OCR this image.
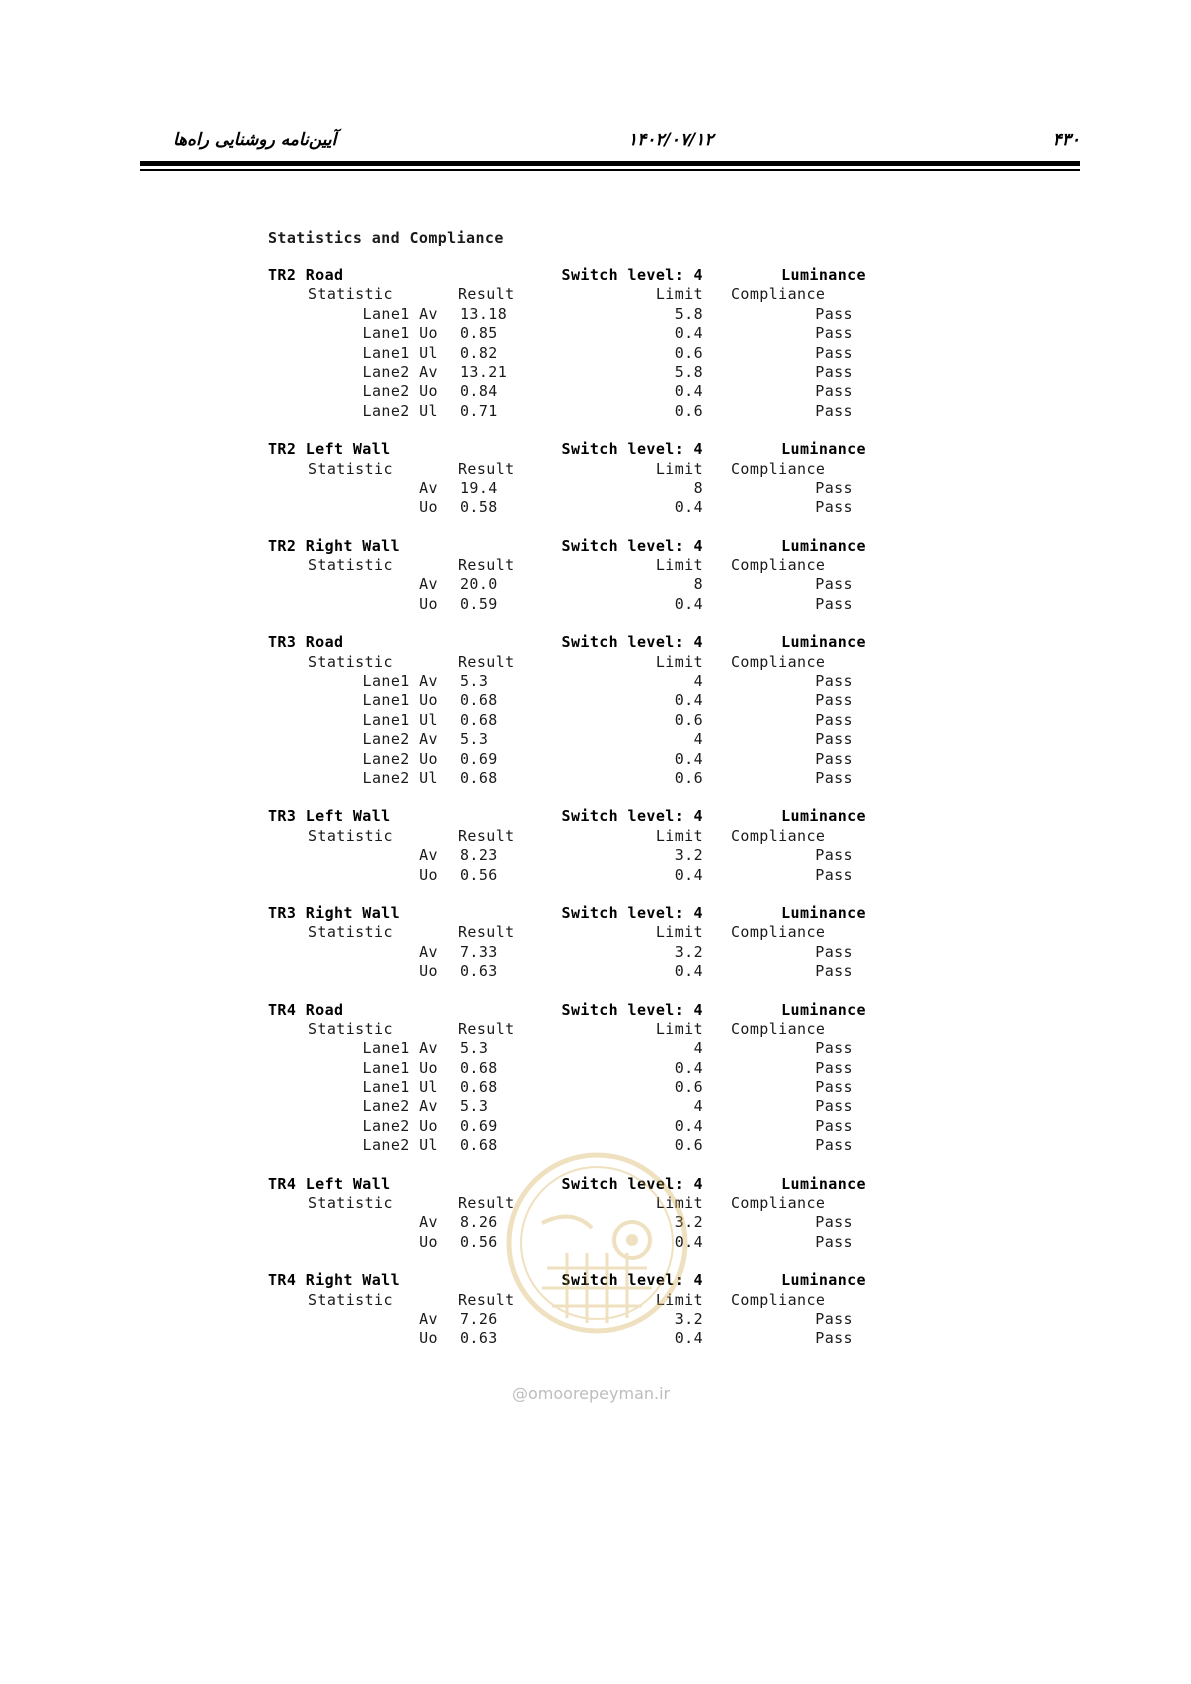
آیین‌نامه روشنایی راه‌ها	۱۴۰۲/۰۷/۱۲	۴۳۰
Statistics and Compliance
TR2 Road	Switch level: 4	Luminance
Statistic	Result	Limit	Compliance
Lane1 Av	13.18	5.8	Pass
Lane1 Uo	0.85	0.4	Pass
Lane1 Ul	0.82	0.6	Pass
Lane2 Av	13.21	5.8	Pass
Lane2 Uo	0.84	0.4	Pass
Lane2 Ul	0.71	0.6	Pass
TR2 Left Wall	Switch level: 4	Luminance
Statistic	Result	Limit	Compliance
Av	19.4	8	Pass
Uo	0.58	0.4	Pass
TR2 Right Wall	Switch level: 4	Luminance
Statistic	Result	Limit	Compliance
Av	20.0	8	Pass
Uo	0.59	0.4	Pass
TR3 Road	Switch level: 4	Luminance
Statistic	Result	Limit	Compliance
Lane1 Av	5.3	4	Pass
Lane1 Uo	0.68	0.4	Pass
Lane1 Ul	0.68	0.6	Pass
Lane2 Av	5.3	4	Pass
Lane2 Uo	0.69	0.4	Pass
Lane2 Ul	0.68	0.6	Pass
TR3 Left Wall	Switch level: 4	Luminance
Statistic	Result	Limit	Compliance
Av	8.23	3.2	Pass
Uo	0.56	0.4	Pass
TR3 Right Wall	Switch level: 4	Luminance
Statistic	Result	Limit	Compliance
Av	7.33	3.2	Pass
Uo	0.63	0.4	Pass
TR4 Road	Switch level: 4	Luminance
Statistic	Result	Limit	Compliance
Lane1 Av	5.3	4	Pass
Lane1 Uo	0.68	0.4	Pass
Lane1 Ul	0.68	0.6	Pass
Lane2 Av	5.3	4	Pass
Lane2 Uo	0.69	0.4	Pass
Lane2 Ul	0.68	0.6	Pass
TR4 Left Wall	Switch level: 4	Luminance
Statistic	Result	Limit	Compliance
Av	8.26	3.2	Pass
Uo	0.56	0.4	Pass
TR4 Right Wall	Switch level: 4	Luminance
Statistic	Result	Limit	Compliance
Av	7.26	3.2	Pass
Uo	0.63	0.4	Pass
@omoorepeyman.ir
